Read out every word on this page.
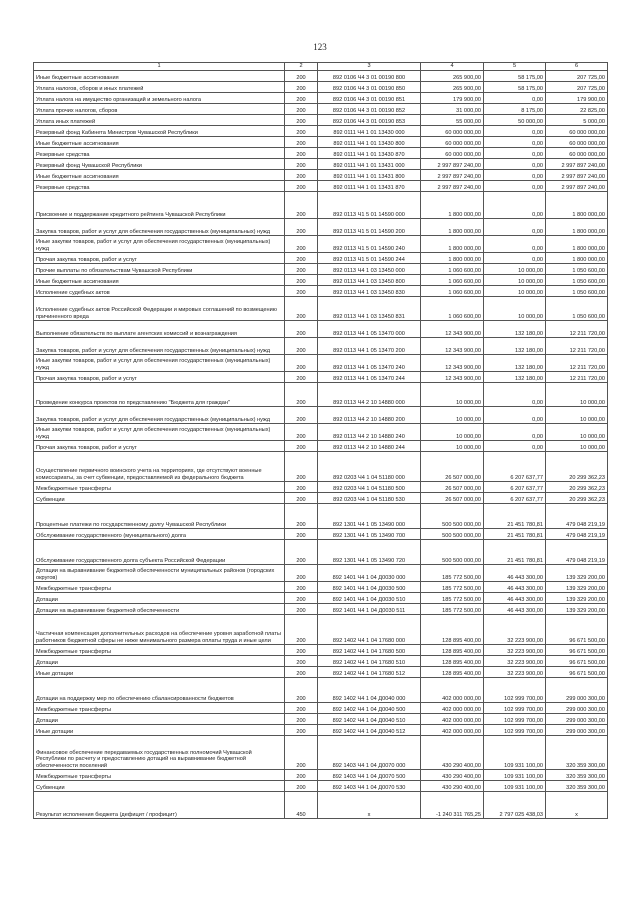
123
1	2	3	4	5	6
Иные бюджетные ассигнования	200	892 0106 Ч4 3 01 00190 800	265 900,00	58 175,00	207 725,00
Уплата налогов, сборов и иных платежей	200	892 0106 Ч4 3 01 00190 850	265 900,00	58 175,00	207 725,00
Уплата налога на имущество организаций и земельного налога	200	892 0106 Ч4 3 01 00190 851	179 900,00	0,00	179 900,00
Уплата прочих налогов, сборов	200	892 0106 Ч4 3 01 00190 852	31 000,00	8 175,00	22 825,00
Уплата иных платежей	200	892 0106 Ч4 3 01 00190 853	55 000,00	50 000,00	5 000,00
Резервный фонд Кабинета Министров Чувашской Республики	200	892 0111 Ч4 1 01 13430 000	60 000 000,00	0,00	60 000 000,00
Иные бюджетные ассигнования	200	892 0111 Ч4 1 01 13430 800	60 000 000,00	0,00	60 000 000,00
Резервные средства	200	892 0111 Ч4 1 01 13430 870	60 000 000,00	0,00	60 000 000,00
Резервный фонд Чувашской Республики	200	892 0111 Ч4 1 01 13431 000	2 997 897 240,00	0,00	2 997 897 240,00
Иные бюджетные ассигнования	200	892 0111 Ч4 1 01 13431 800	2 997 897 240,00	0,00	2 997 897 240,00
Резервные средства	200	892 0111 Ч4 1 01 13431 870	2 997 897 240,00	0,00	2 997 897 240,00
Присвоение и поддержание кредитного рейтинга Чувашской Республики	200	892 0113 Ч1 5 01 14590 000	1 800 000,00	0,00	1 800 000,00
Закупка товаров, работ и услуг для обеспечения государственных (муниципальных) нужд	200	892 0113 Ч1 5 01 14590 200	1 800 000,00	0,00	1 800 000,00
Иные закупки товаров, работ и услуг для обеспечения государственных (муниципальных) нужд	200	892 0113 Ч1 5 01 14590 240	1 800 000,00	0,00	1 800 000,00
Прочая закупка товаров, работ и услуг	200	892 0113 Ч1 5 01 14590 244	1 800 000,00	0,00	1 800 000,00
Прочие выплаты по обязательствам Чувашской Республики	200	892 0113 Ч4 1 03 13450 000	1 060 600,00	10 000,00	1 050 600,00
Иные бюджетные ассигнования	200	892 0113 Ч4 1 03 13450 800	1 060 600,00	10 000,00	1 050 600,00
Исполнение судебных актов	200	892 0113 Ч4 1 03 13450 830	1 060 600,00	10 000,00	1 050 600,00
Исполнение судебных актов Российской Федерации и мировых соглашений по возмещению причиненного вреда	200	892 0113 Ч4 1 03 13450 831	1 060 600,00	10 000,00	1 050 600,00
Выполнение обязательств по выплате агентских комиссий и вознаграждения	200	892 0113 Ч4 1 05 13470 000	12 343 900,00	132 180,00	12 211 720,00
Закупка товаров, работ и услуг для обеспечения государственных (муниципальных) нужд	200	892 0113 Ч4 1 05 13470 200	12 343 900,00	132 180,00	12 211 720,00
Иные закупки товаров, работ и услуг для обеспечения государственных (муниципальных) нужд	200	892 0113 Ч4 1 05 13470 240	12 343 900,00	132 180,00	12 211 720,00
Прочая закупка товаров, работ и услуг	200	892 0113 Ч4 1 05 13470 244	12 343 900,00	132 180,00	12 211 720,00
Проведение конкурса проектов по представлению "Бюджета для граждан"	200	892 0113 Ч4 2 10 14880 000	10 000,00	0,00	10 000,00
Закупка товаров, работ и услуг для обеспечения государственных (муниципальных) нужд	200	892 0113 Ч4 2 10 14880 200	10 000,00	0,00	10 000,00
Иные закупки товаров, работ и услуг для обеспечения государственных (муниципальных) нужд	200	892 0113 Ч4 2 10 14880 240	10 000,00	0,00	10 000,00
Прочая закупка товаров, работ и услуг	200	892 0113 Ч4 2 10 14880 244	10 000,00	0,00	10 000,00
Осуществление первичного воинского учета на территориях, где отсутствуют военные комиссариаты, за счет субвенции, предоставляемой из федерального бюджета	200	892 0203 Ч4 1 04 51180 000	26 507 000,00	6 207 637,77	20 299 362,23
Межбюджетные трансферты	200	892 0203 Ч4 1 04 51180 500	26 507 000,00	6 207 637,77	20 299 362,23
Субвенции	200	892 0203 Ч4 1 04 51180 530	26 507 000,00	6 207 637,77	20 299 362,23
Процентные платежи по государственному долгу Чувашской Республики	200	892 1301 Ч4 1 05 13490 000	500 500 000,00	21 451 780,81	479 048 219,19
Обслуживание государственного (муниципального) долга	200	892 1301 Ч4 1 05 13490 700	500 500 000,00	21 451 780,81	479 048 219,19
Обслуживание государственного долга субъекта Российской Федерации	200	892 1301 Ч4 1 05 13490 720	500 500 000,00	21 451 780,81	479 048 219,19
Дотации на выравнивание бюджетной обеспеченности муниципальных районов (городских округов)	200	892 1401 Ч4 1 04 Д0030 000	185 772 500,00	46 443 300,00	139 329 200,00
Межбюджетные трансферты	200	892 1401 Ч4 1 04 Д0030 500	185 772 500,00	46 443 300,00	139 329 200,00
Дотации	200	892 1401 Ч4 1 04 Д0030 510	185 772 500,00	46 443 300,00	139 329 200,00
Дотации на выравнивание бюджетной обеспеченности	200	892 1401 Ч4 1 04 Д0030 511	185 772 500,00	46 443 300,00	139 329 200,00
Частичная компенсация дополнительных расходов на обеспечение уровня заработной платы работников бюджетной сферы не ниже минимального размера оплаты труда и иные цели	200	892 1402 Ч4 1 04 17680 000	128 895 400,00	32 223 900,00	96 671 500,00
Межбюджетные трансферты	200	892 1402 Ч4 1 04 17680 500	128 895 400,00	32 223 900,00	96 671 500,00
Дотации	200	892 1402 Ч4 1 04 17680 510	128 895 400,00	32 223 900,00	96 671 500,00
Иные дотации	200	892 1402 Ч4 1 04 17680 512	128 895 400,00	32 223 900,00	96 671 500,00
Дотации на поддержку мер по обеспечению сбалансированности бюджетов	200	892 1402 Ч4 1 04 Д0040 000	402 000 000,00	102 999 700,00	299 000 300,00
Межбюджетные трансферты	200	892 1402 Ч4 1 04 Д0040 500	402 000 000,00	102 999 700,00	299 000 300,00
Дотации	200	892 1402 Ч4 1 04 Д0040 510	402 000 000,00	102 999 700,00	299 000 300,00
Иные дотации	200	892 1402 Ч4 1 04 Д0040 512	402 000 000,00	102 999 700,00	299 000 300,00
Финансовое обеспечение передаваемых государственных полномочий Чувашской Республики по расчету и предоставлению дотаций на выравнивание бюджетной обеспеченности поселений	200	892 1403 Ч4 1 04 Д0070 000	430 290 400,00	109 931 100,00	320 359 300,00
Межбюджетные трансферты	200	892 1403 Ч4 1 04 Д0070 500	430 290 400,00	109 931 100,00	320 359 300,00
Субвенции	200	892 1403 Ч4 1 04 Д0070 530	430 290 400,00	109 931 100,00	320 359 300,00
Результат исполнения бюджета (дефицит / профицит)	450	х	-1 240 311 765,25	2 797 025 438,03	х
